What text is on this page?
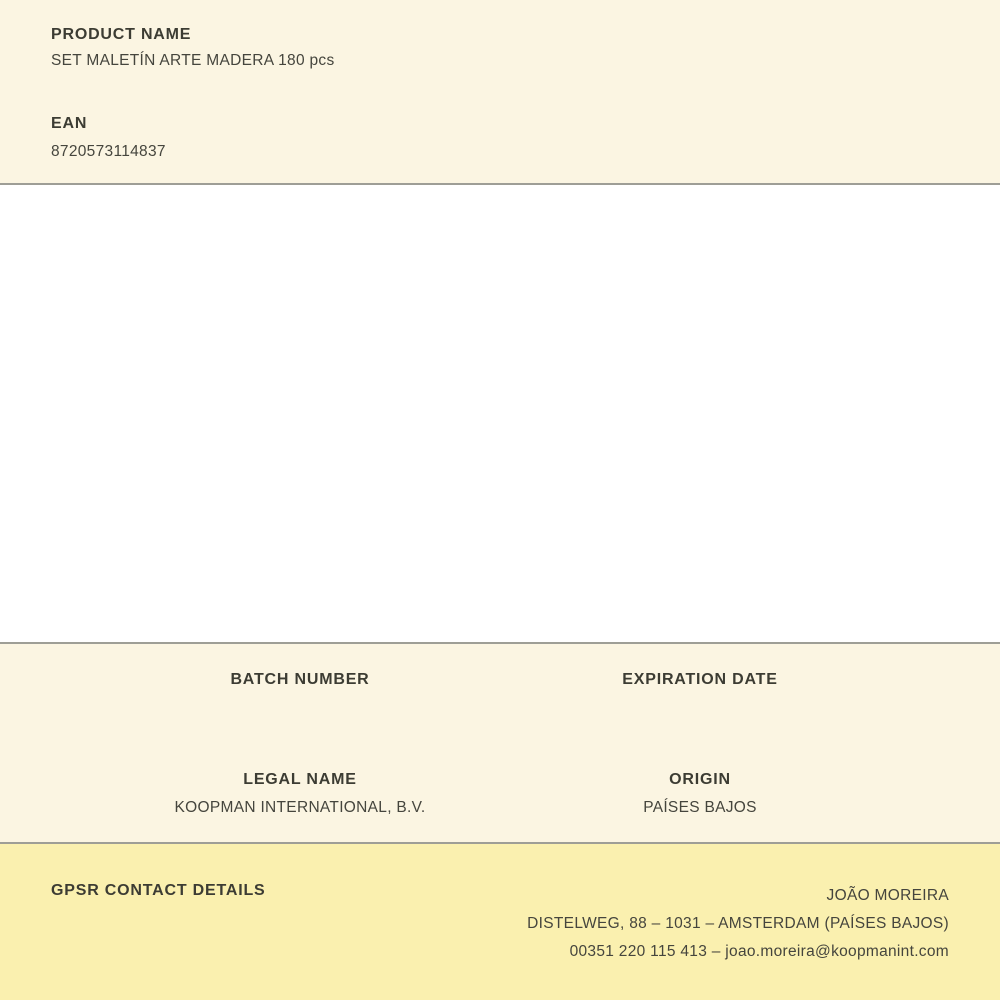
PRODUCT NAME
SET MALETÍN ARTE MADERA 180 pcs
EAN
8720573114837
BATCH NUMBER	EXPIRATION DATE
LEGAL NAME
KOOPMAN INTERNATIONAL, B.V.
ORIGIN
PAÍSES BAJOS
GPSR CONTACT DETAILS	JOÃO MOREIRA
DISTELWEG, 88 – 1031 – AMSTERDAM (PAÍSES BAJOS)
00351 220 115 413 – joao.moreira@koopmanint.com
